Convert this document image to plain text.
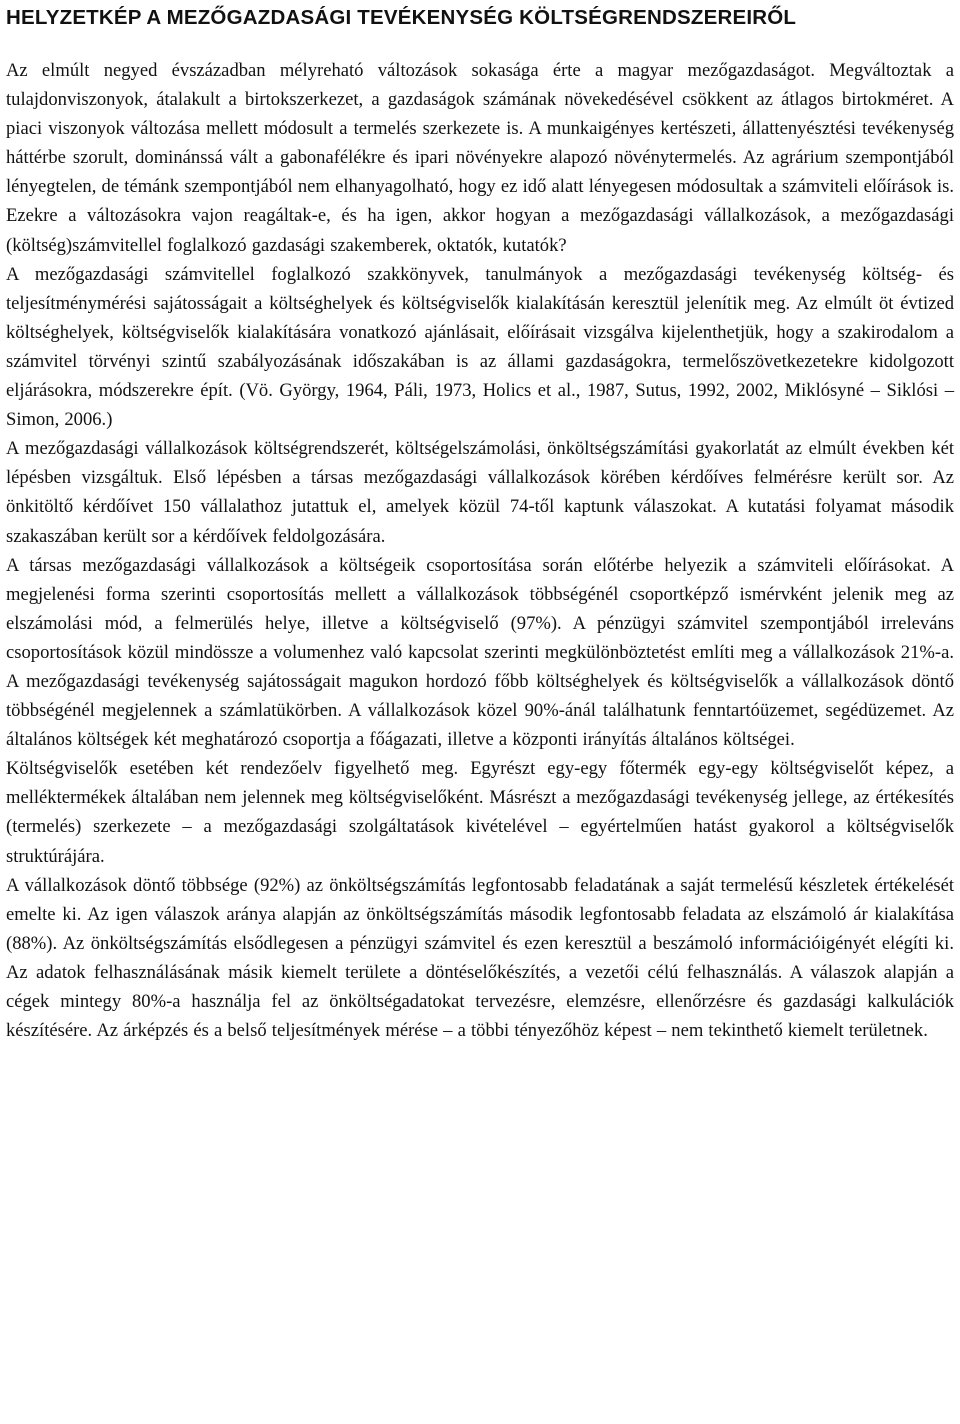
HELYZETKÉP A MEZŐGAZDASÁGI TEVÉKENYSÉG KÖLTSÉGRENDSZEREIRŐL

Az elmúlt negyed évszázadban mélyreható változások sokasága érte a magyar mezőgazdaságot. Megváltoztak a tulajdonviszonyok, átalakult a birtokszerkezet, a gazdaságok számának növekedésével csökkent az átlagos birtokméret. A piaci viszonyok változása mellett módosult a termelés szerkezete is. A munkaigényes kertészeti, állattenyésztési tevékenység háttérbe szorult, dominánssá vált a gabonafélékre és ipari növényekre alapozó növénytermelés. Az agrárium szempontjából lényegtelen, de témánk szempontjából nem elhanyagolható, hogy ez idő alatt lényegesen módosultak a számviteli előírások is. Ezekre a változásokra vajon reagáltak-e, és ha igen, akkor hogyan a mezőgazdasági vállalkozások, a mezőgazdasági (költség)számvitellel foglalkozó gazdasági szakemberek, oktatók, kutatók?

A mezőgazdasági számvitellel foglalkozó szakkönyvek, tanulmányok a mezőgazdasági tevékenység költség- és teljesítménymérési sajátosságait a költséghelyek és költségviselők kialakításán keresztül jelenítik meg. Az elmúlt öt évtized költséghelyek, költségviselők kialakítására vonatkozó ajánlásait, előírásait vizsgálva kijelenthetjük, hogy a szakirodalom a számvitel törvényi szintű szabályozásának időszakában is az állami gazdaságokra, termelőszövetkezetekre kidolgozott eljárásokra, módszerekre épít. (Vö. György, 1964, Páli, 1973, Holics et al., 1987, Sutus, 1992, 2002, Miklósyné – Siklósi – Simon, 2006.)

A mezőgazdasági vállalkozások költségrendszerét, költségelszámolási, önköltségszámítási gyakorlatát az elmúlt években két lépésben vizsgáltuk. Első lépésben a társas mezőgazdasági vállalkozások körében kérdőíves felmérésre került sor. Az önkitöltő kérdőívet 150 vállalathoz jutattuk el, amelyek közül 74-től kaptunk válaszokat. A kutatási folyamat második szakaszában került sor a kérdőívek feldolgozására.

A társas mezőgazdasági vállalkozások a költségeik csoportosítása során előtérbe helyezik a számviteli előírásokat. A megjelenési forma szerinti csoportosítás mellett a vállalkozások többségénél csoportképző ismérvként jelenik meg az elszámolási mód, a felmerülés helye, illetve a költségviselő (97%). A pénzügyi számvitel szempontjából irreleváns csoportosítások közül mindössze a volumenhez való kapcsolat szerinti megkülönböztetést említi meg a vállalkozások 21%-a. A mezőgazdasági tevékenység sajátosságait magukon hordozó főbb költséghelyek és költségviselők a vállalkozások döntő többségénél megjelennek a számlatükörben. A vállalkozások közel 90%-ánál találhatunk fenntartóüzemet, segédüzemet. Az általános költségek két meghatározó csoportja a főágazati, illetve a központi irányítás általános költségei.

Költségviselők esetében két rendezőelv figyelhető meg. Egyrészt egy-egy főtermék egy-egy költségviselőt képez, a melléktermékek általában nem jelennek meg költségviselőként. Másrészt a mezőgazdasági tevékenység jellege, az értékesítés (termelés) szerkezete – a mezőgazdasági szolgáltatások kivételével – egyértelműen hatást gyakorol a költségviselők struktúrájára.

A vállalkozások döntő többsége (92%) az önköltségszámítás legfontosabb feladatának a saját termelésű készletek értékelését emelte ki. Az igen válaszok aránya alapján az önköltségszámítás második legfontosabb feladata az elszámoló ár kialakítása (88%). Az önköltségszámítás elsődlegesen a pénzügyi számvitel és ezen keresztül a beszámoló információigényét elégíti ki. Az adatok felhasználásának másik kiemelt területe a döntéselőkészítés, a vezetői célú felhasználás. A válaszok alapján a cégek mintegy 80%-a használja fel az önköltségadatokat tervezésre, elemzésre, ellenőrzésre és gazdasági kalkulációk készítésére. Az árképzés és a belső teljesítmények mérése – a többi tényezőhöz képest – nem tekinthető kiemelt területnek.
